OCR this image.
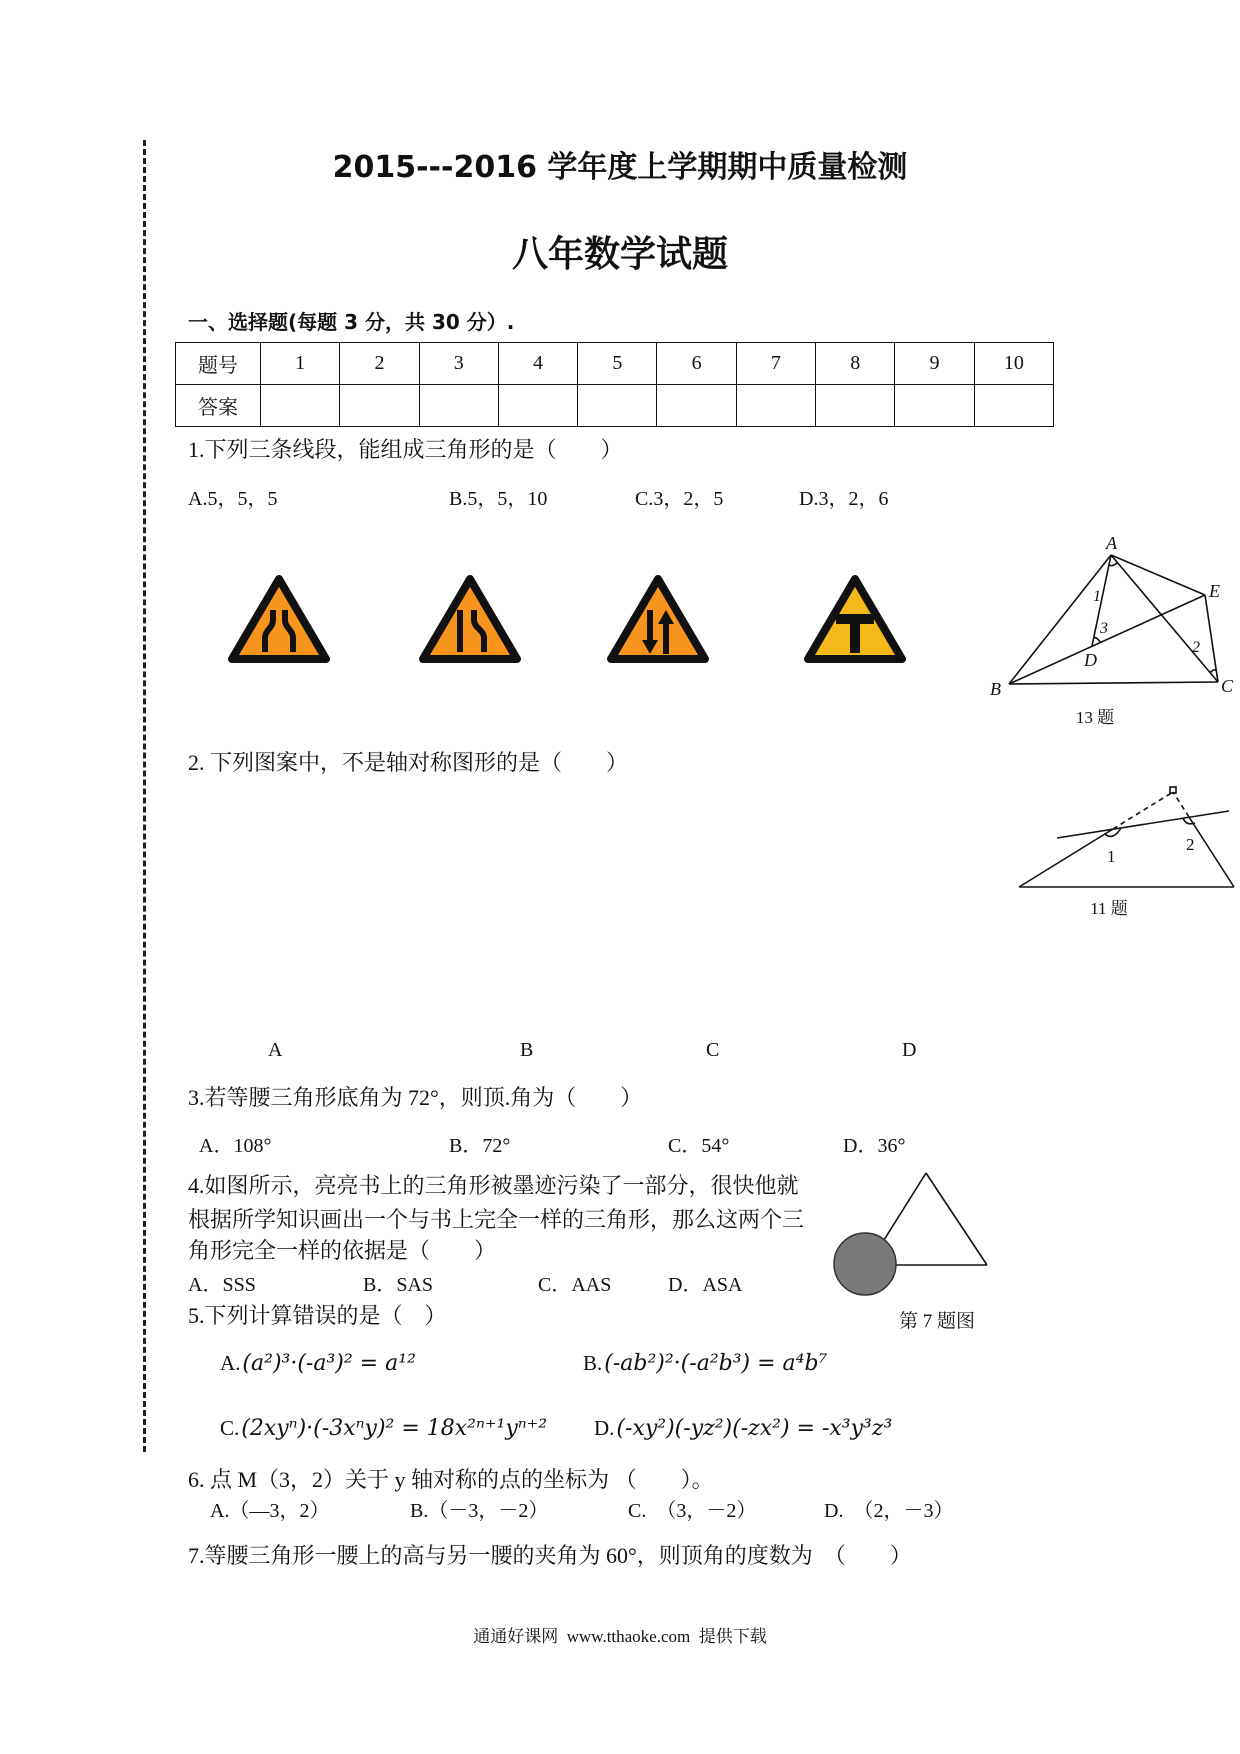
2015---2016 学年度上学期期中质量检测
八年数学试题
一、选择题(每题 3 分，共 30 分）.
题号	1	2	3	4	5	6	7	8	9	10
答案										
1.下列三条线段，能组成三角形的是（　　）
A.5，5，5	B.5，5，10	C.3，2，5	D.3，2，6
A
E
C
B
D
1
3
2
13 题
2. 下列图案中，不是轴对称图形的是（　　）
1
2
11 题
A	B	C	D
3.若等腰三角形底角为 72°，则顶.角为（　　）
A．108°	B．72°	C．54°	D．36°
4.如图所示，亮亮书上的三角形被墨迹污染了一部分，很快他就
根据所学知识画出一个与书上完全一样的三角形，那么这两个三
角形完全一样的依据是（　　）
A．SSS	B．SAS	C．AAS	D．ASA
第 7 题图
5.下列计算错误的是（　）
A.(a²)³·(-a³)² = a¹²	B.(-ab²)²·(-a²b³) = a⁴b⁷
C.(2xyⁿ)·(-3xⁿy)² = 18x²ⁿ⁺¹yⁿ⁺² D.(-xy²)(-yz²)(-zx²) = -x³y³z³
6. 点 M（3，2）关于 y 轴对称的点的坐标为 （　　）。
A.（—3，2）	B.（－3，－2）	C.　（3，－2）	D.　（2，－3）
7.等腰三角形一腰上的高与另一腰的夹角为 60°，则顶角的度数为　（　　）
通通好课网  www.tthaoke.com  提供下载
